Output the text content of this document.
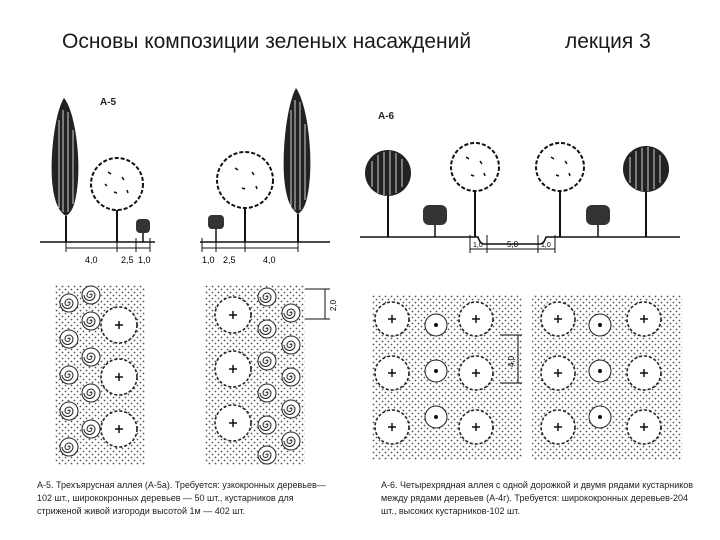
Основы композиции зеленых насаждений	лекция 3
4,0	2,5 1,0	1,0 2,5	4,0
А-5
1,0	5,0	1,0
А-6
2,0
4,0
А-5. Трехъярусная аллея (А-5а). Требуется: узкокронных деревьев— 102 шт., ширококронных деревьев — 50 шт., кустарников для стриженой живой изгороди высотой 1м — 402 шт.
А-6. Четырехрядная аллея с одной дорожкой и двумя рядами кустарников между рядами деревьев (А-4г). Требуется: ширококронных деревьев-204 шт., высоких кустарников-102 шт.
